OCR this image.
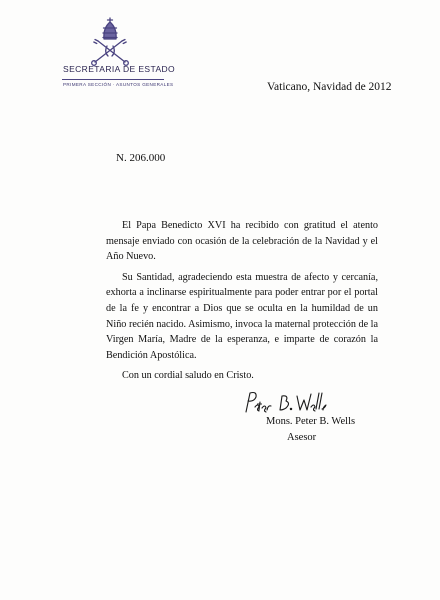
SECRETARIA DE ESTADO
PRIMERA SECCIÓN · ASUNTOS GENERALES	Vaticano, Navidad de 2012
N. 206.000

El Papa Benedicto XVI ha recibido con gratitud el atento mensaje enviado con ocasión de la celebración de la Navidad y el Año Nuevo.

Su Santidad, agradeciendo esta muestra de afecto y cercanía, exhorta a inclinarse espiritualmente para poder entrar por el portal de la fe y encontrar a Dios que se oculta en la humildad de un Niño recién nacido. Asimismo, invoca la maternal protección de la Virgen María, Madre de la esperanza, e imparte de corazón la Bendición Apostólica.

Con un cordial saludo en Cristo.

Mons. Peter B. Wells
Asesor
